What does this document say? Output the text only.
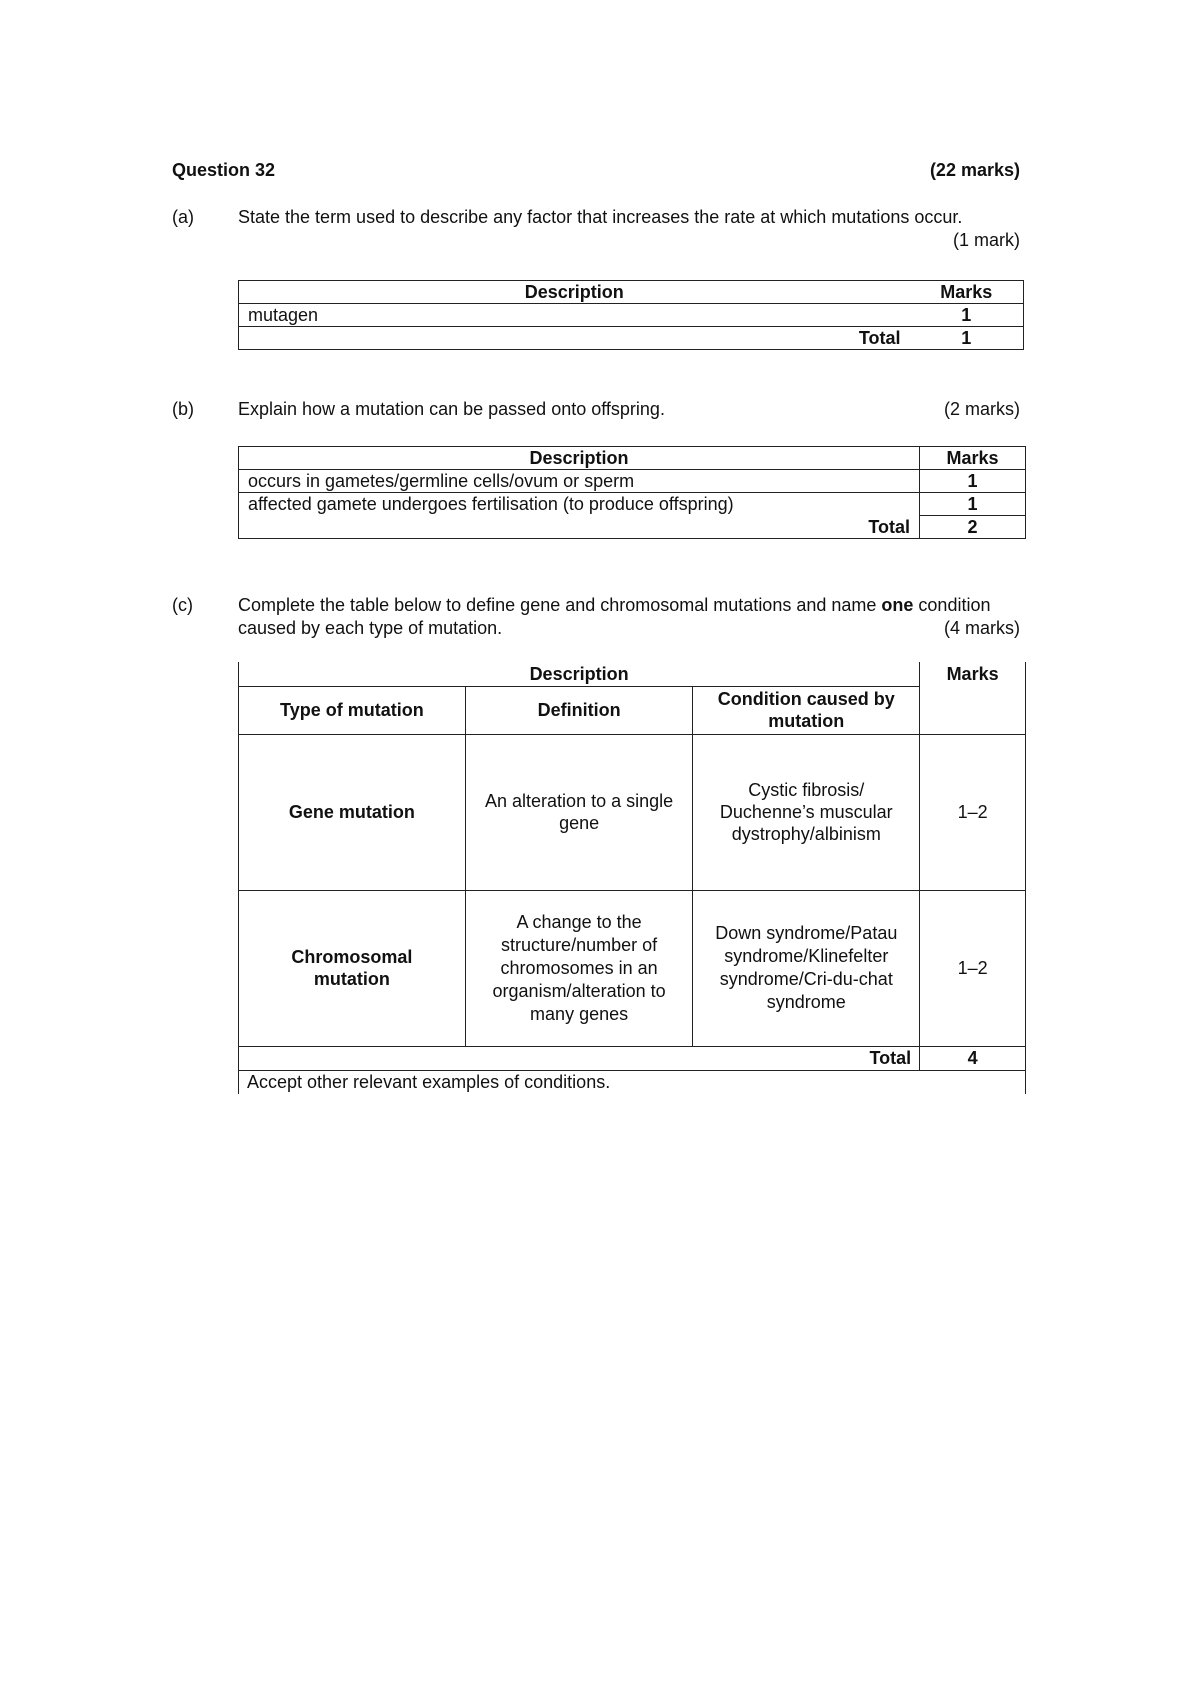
Question 32	(22 marks)
(a) State the term used to describe any factor that increases the rate at which mutations occur.
(1 mark)
Description	Marks
mutagen	1
Total	1
(b) Explain how a mutation can be passed onto offspring.	(2 marks)
Description	Marks
occurs in gametes/germline cells/ovum or sperm	1
affected gamete undergoes fertilisation (to produce offspring)	1
Total	2
(c)	Complete the table below to define gene and chromosomal mutations and name one condition caused by each type of mutation.	(4 marks)
Description			Marks
Type of mutation	Definition	Condition caused by mutation	
Gene mutation	An alteration to a single gene	Cystic fibrosis/ Duchenne’s muscular dystrophy/albinism	1–2
Chromosomal mutation	A change to the structure/number of chromosomes in an organism/alteration to many genes	Down syndrome/Patau syndrome/Klinefelter syndrome/Cri-du-chat syndrome	1–2
Total			4
Accept other relevant examples of conditions.			
